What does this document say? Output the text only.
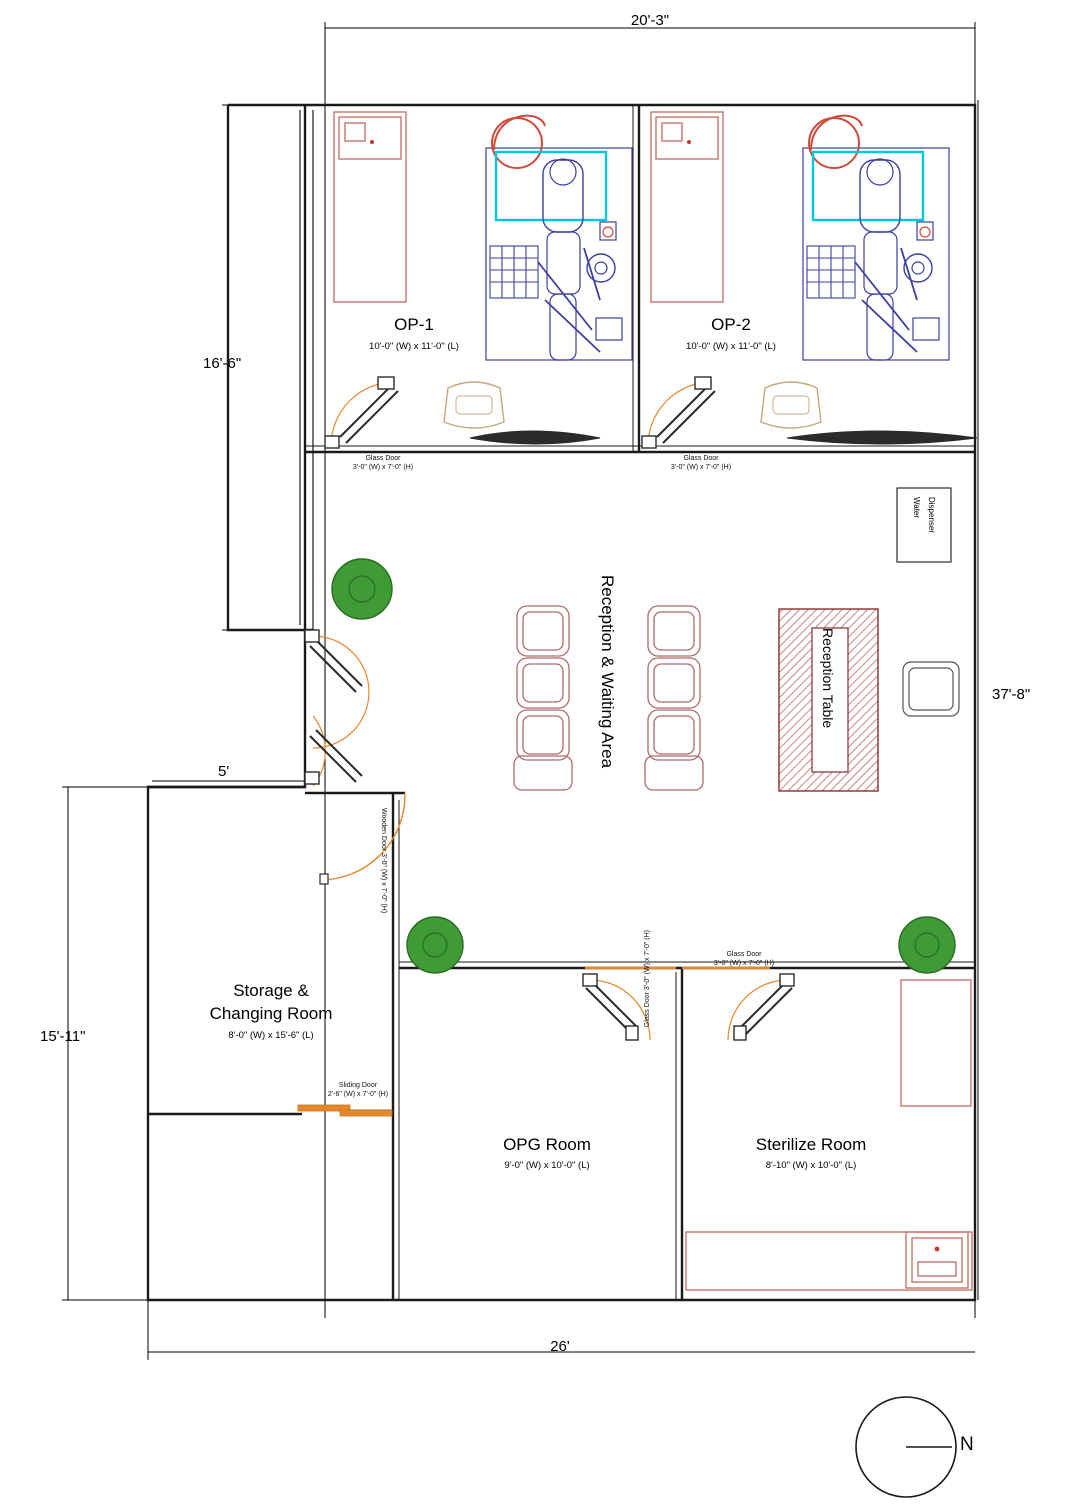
20'-3"
16'-6"
5'
15'-11"
37'-8"
26'
OP-1
10'-0" (W) x 11'-0" (L)
OP-2
10'-0" (W) x 11'-0" (L)
Storage &
Changing Room
8'-0" (W) x 15'-6" (L)
OPG Room
9'-0" (W) x 10'-0" (L)
Sterilize Room
8'-10" (W) x 10'-0" (L)
Reception & Waiting Area	Reception Table
Water Dispenser
Glass Door
3'-0" (W) x 7'-0" (H)
Glass Door
3'-0" (W) x 7'-0" (H)
Wooden Door 3'-0" (W) x 7'-0" (H)
Sliding Door
2'-6" (W) x 7'-0" (H)
Glass Door 3'-0" (W) x 7'-0" (H)	Glass Door
3'-0" (W) x 7'-0" (H)
N
